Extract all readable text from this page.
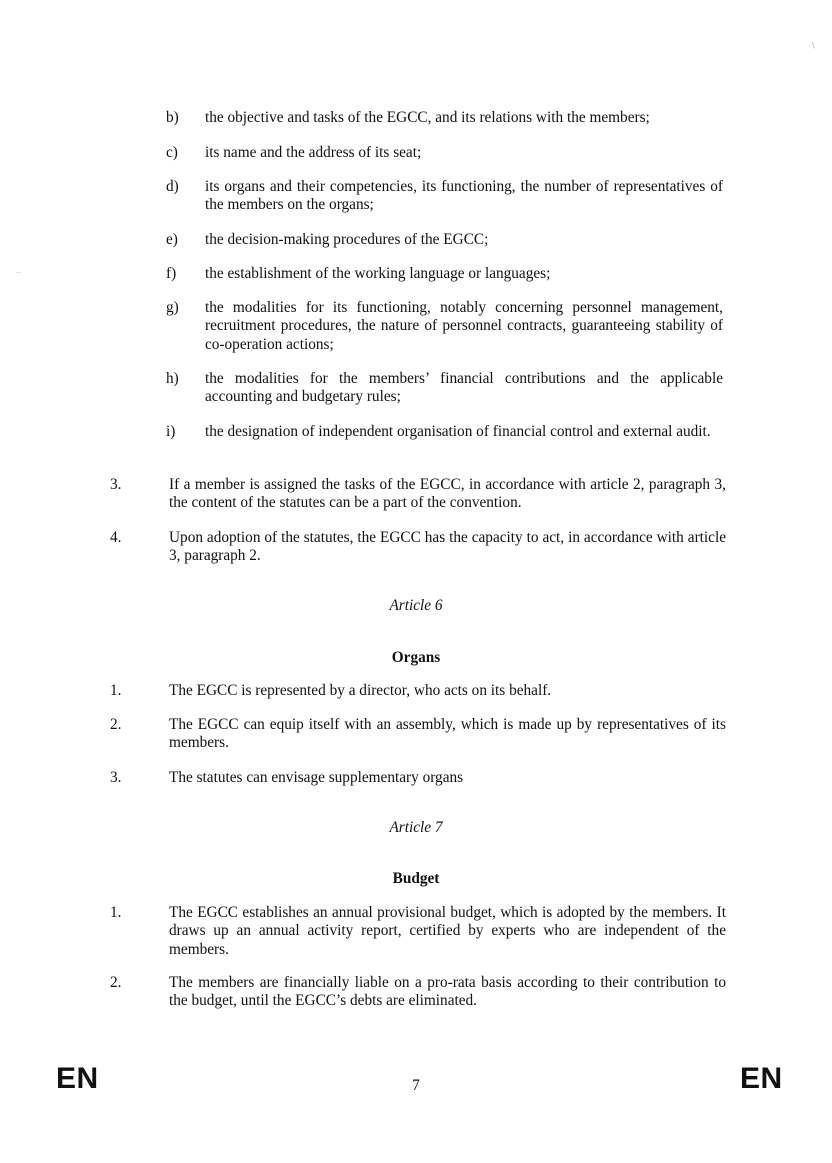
···
\
b) the objective and tasks of the EGCC, and its relations with the members;
c) its name and the address of its seat;
d) its organs and their competencies, its functioning, the number of representatives of the members on the organs;
e) the decision-making procedures of the EGCC;
f) the establishment of the working language or languages;
g) the modalities for its functioning, notably concerning personnel management, recruitment procedures, the nature of personnel contracts, guaranteeing stability of co-operation actions;
h) the modalities for the members’ financial contributions and the applicable accounting and budgetary rules;
i) the designation of independent organisation of financial control and external audit.
3.	If a member is assigned the tasks of the EGCC, in accordance with article 2, paragraph 3, the content of the statutes can be a part of the convention.
4.	Upon adoption of the statutes, the EGCC has the capacity to act, in accordance with article 3, paragraph 2.
Article 6
Organs
1.	The EGCC is represented by a director, who acts on its behalf.
2.	The EGCC can equip itself with an assembly, which is made up by representatives of its members.
3.	The statutes can envisage supplementary organs
Article 7
Budget
1.	The EGCC establishes an annual provisional budget, which is adopted by the members. It draws up an annual activity report, certified by experts who are independent of the members.
2.	The members are financially liable on a pro-rata basis according to their contribution to the budget, until the EGCC’s debts are eliminated.
EN	7	EN
